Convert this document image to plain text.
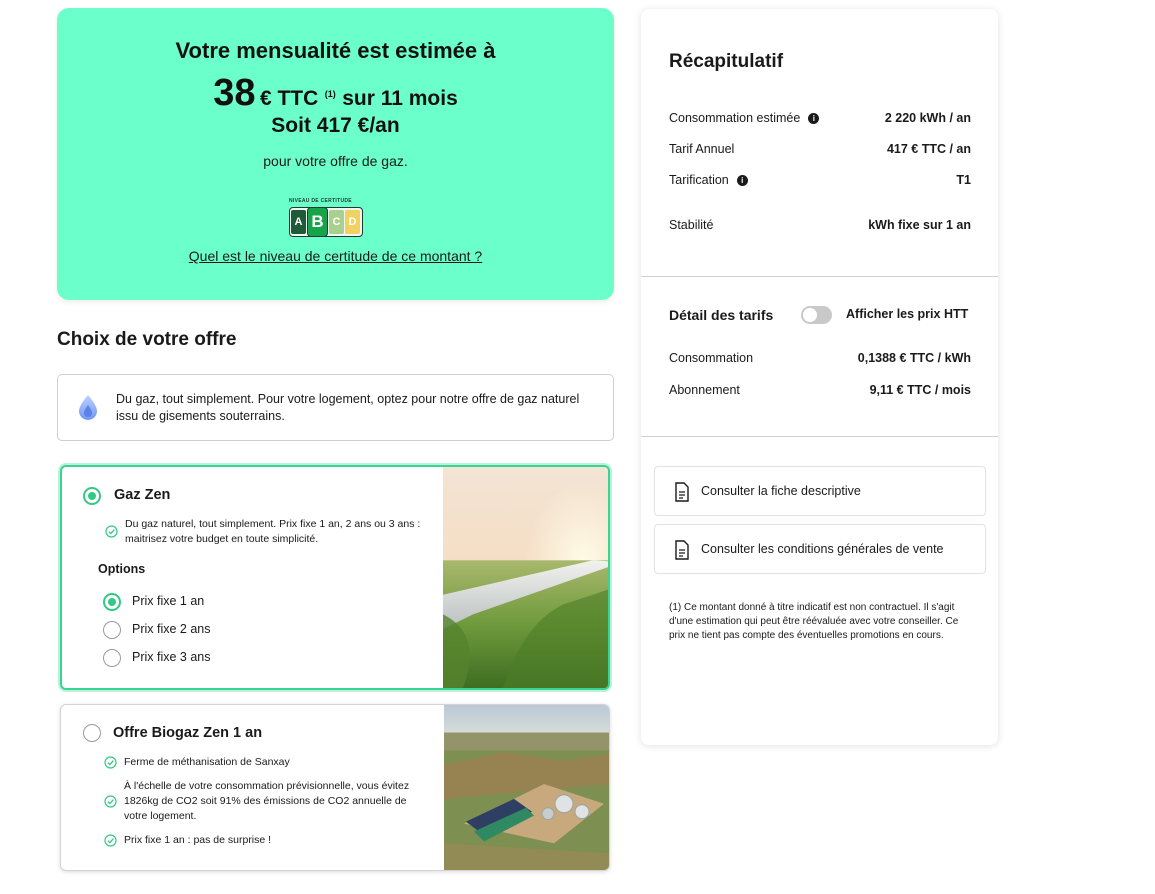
Votre mensualité est estimée à
38 € TTC $^{(1)}$ sur 11 mois
Soit 417 €/an
pour votre offre de gaz.
NIVEAU DE CERTITUDE
A B C D
Quel est le niveau de certitude de ce montant ?
Choix de votre offre
Du gaz, tout simplement. Pour votre logement, optez pour notre offre de gaz naturel issu de gisements souterrains.
Gaz Zen
Du gaz naturel, tout simplement. Prix fixe 1 an, 2 ans ou 3 ans : maitrisez votre budget en toute simplicité.
Options
Prix fixe 1 an
Prix fixe 2 ans
Prix fixe 3 ans
Offre Biogaz Zen 1 an
Ferme de méthanisation de Sanxay
À l'échelle de votre consommation prévisionnelle, vous évitez 1826kg de CO2 soit 91% des émissions de CO2 annuelle de votre logement.
Prix fixe 1 an : pas de surprise !
Récapitulatif
Consommation estimée i	2 220 kWh / an
Tarif Annuel	417 € TTC / an
Tarification i	T1
Stabilité	kWh fixe sur 1 an
Détail des tarifs	Afficher les prix HTT
Consommation	0,1388 € TTC / kWh
Abonnement	9,11 € TTC / mois
Consulter la fiche descriptive
Consulter les conditions générales de vente
(1) Ce montant donné à titre indicatif est non contractuel. Il s'agit d'une estimation qui peut être réévaluée avec votre conseiller. Ce prix ne tient pas compte des éventuelles promotions en cours.
